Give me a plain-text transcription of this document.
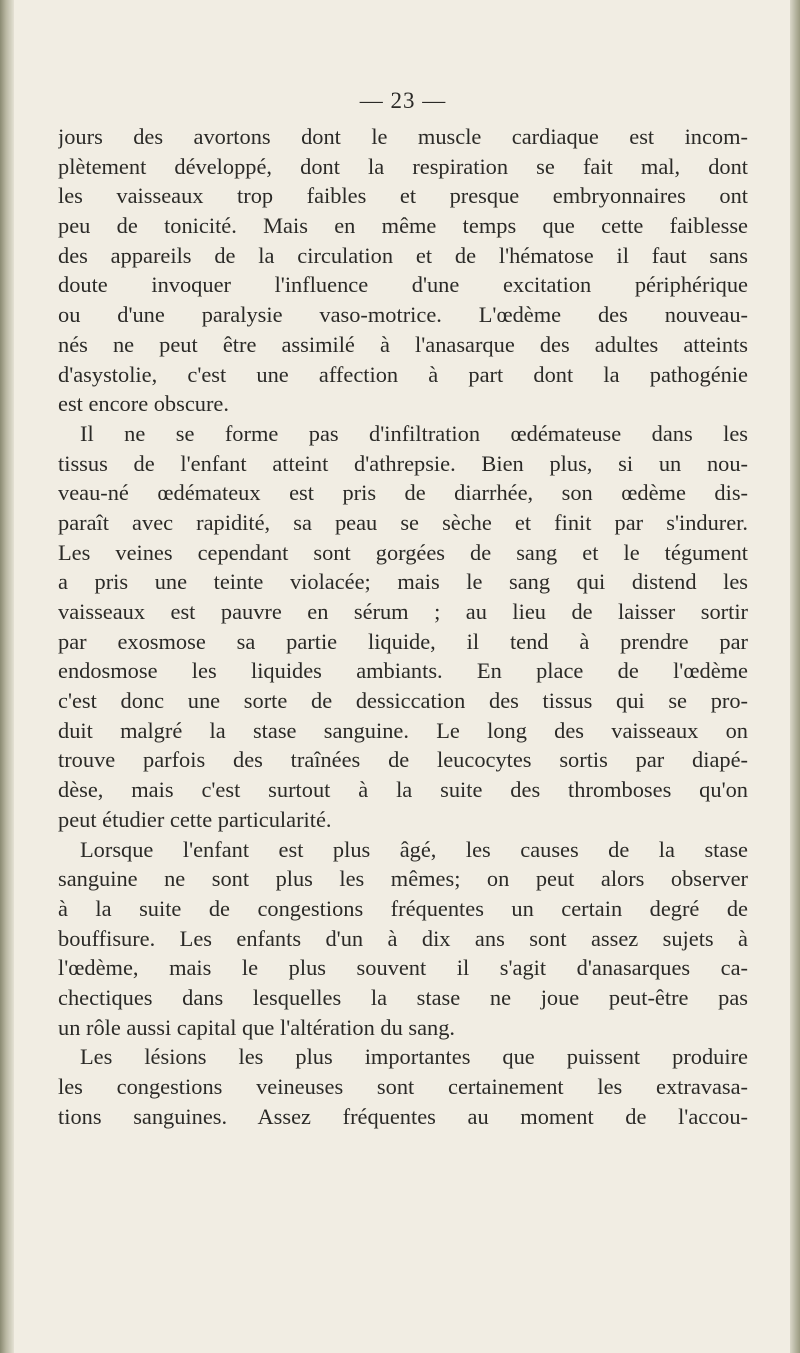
— 23 —

jours des avortons dont le muscle cardiaque est incom-
plètement développé, dont la respiration se fait mal, dont
les vaisseaux trop faibles et presque embryonnaires ont
peu de tonicité. Mais en même temps que cette faiblesse
des appareils de la circulation et de l'hématose il faut sans
doute invoquer l'influence d'une excitation périphérique
ou d'une paralysie vaso-motrice. L'œdème des nouveau-
nés ne peut être assimilé à l'anasarque des adultes atteints
d'asystolie, c'est une affection à part dont la pathogénie
est encore obscure.
Il ne se forme pas d'infiltration œdémateuse dans les
tissus de l'enfant atteint d'athrepsie. Bien plus, si un nou-
veau-né œdémateux est pris de diarrhée, son œdème dis-
paraît avec rapidité, sa peau se sèche et finit par s'indurer.
Les veines cependant sont gorgées de sang et le tégument
a pris une teinte violacée; mais le sang qui distend les
vaisseaux est pauvre en sérum ; au lieu de laisser sortir
par exosmose sa partie liquide, il tend à prendre par
endosmose les liquides ambiants. En place de l'œdème
c'est donc une sorte de dessiccation des tissus qui se pro-
duit malgré la stase sanguine. Le long des vaisseaux on
trouve parfois des traînées de leucocytes sortis par diapé-
dèse, mais c'est surtout à la suite des thromboses qu'on
peut étudier cette particularité.
Lorsque l'enfant est plus âgé, les causes de la stase
sanguine ne sont plus les mêmes; on peut alors observer
à la suite de congestions fréquentes un certain degré de
bouffisure. Les enfants d'un à dix ans sont assez sujets à
l'œdème, mais le plus souvent il s'agit d'anasarques ca-
chectiques dans lesquelles la stase ne joue peut-être pas
un rôle aussi capital que l'altération du sang.
Les lésions les plus importantes que puissent produire
les congestions veineuses sont certainement les extravasa-
tions sanguines. Assez fréquentes au moment de l'accou-
